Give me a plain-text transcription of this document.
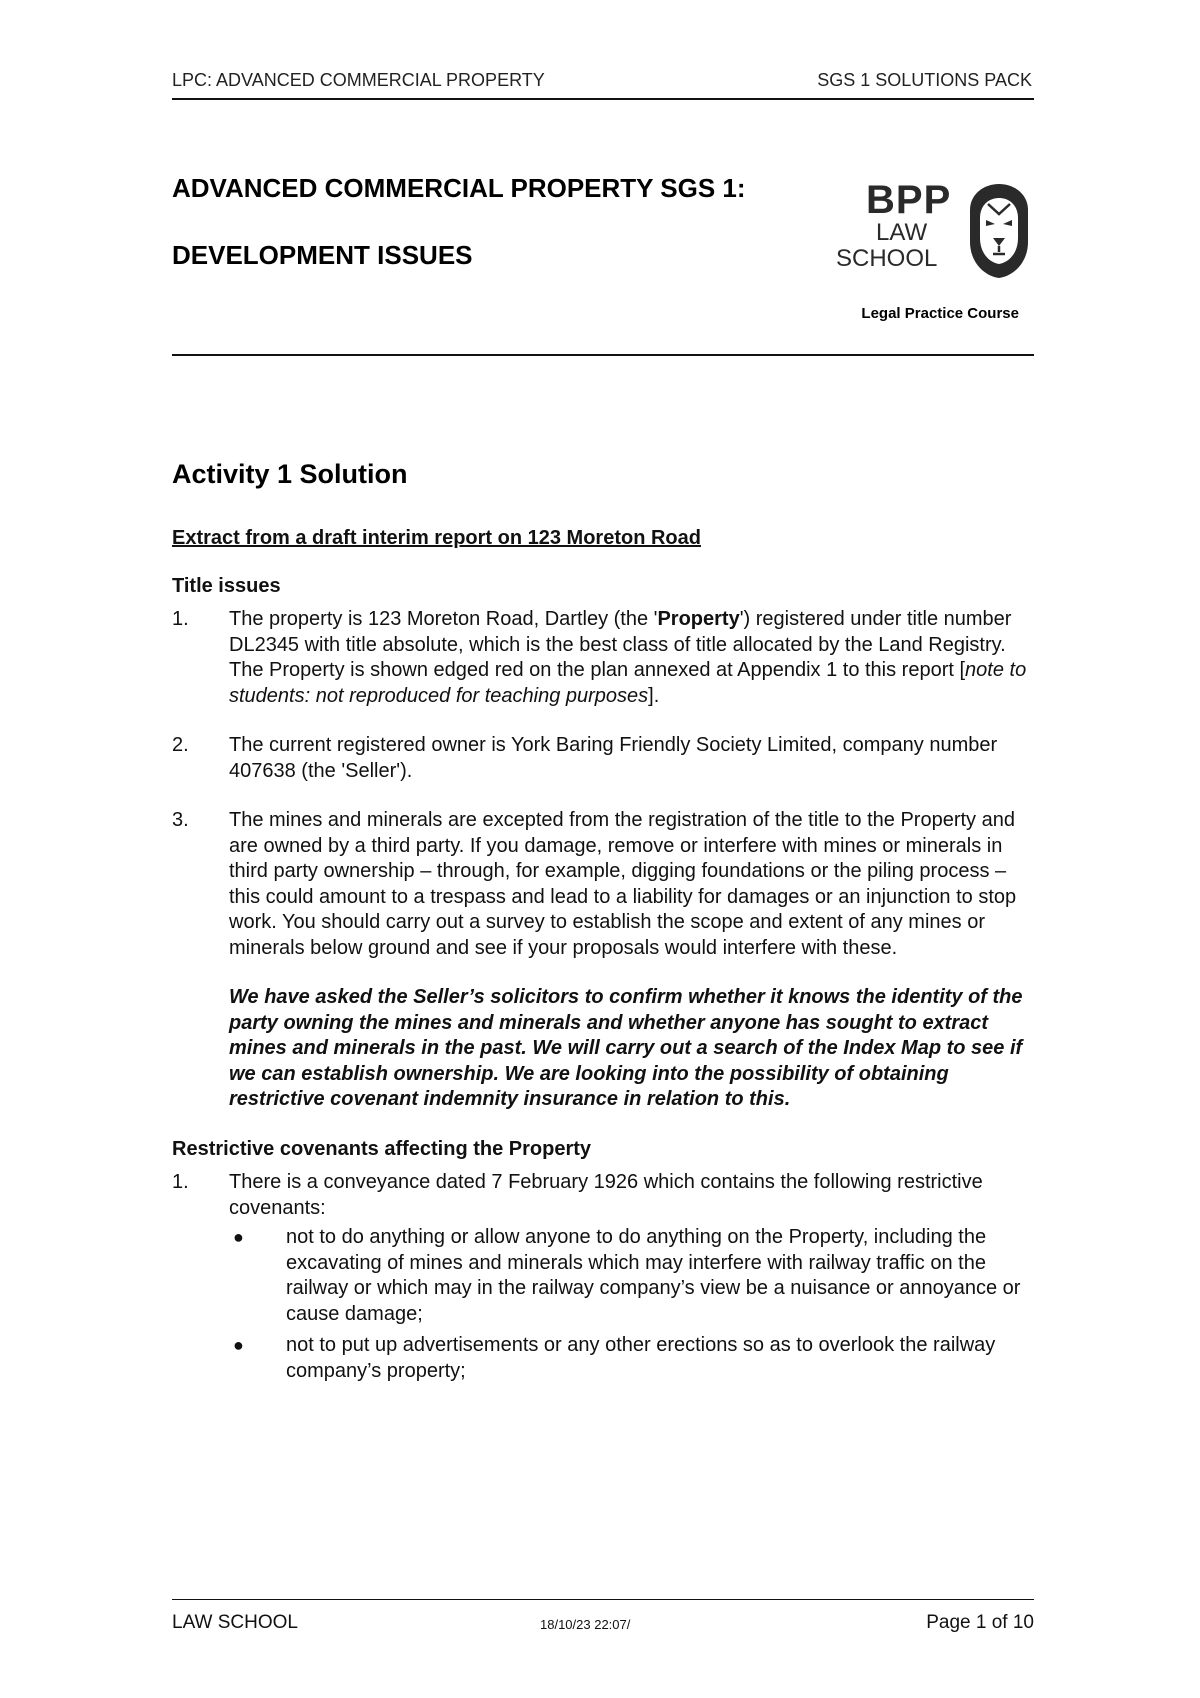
LPC: ADVANCED COMMERCIAL PROPERTY	SGS 1 SOLUTIONS PACK
ADVANCED COMMERCIAL PROPERTY SGS 1:
DEVELOPMENT ISSUES
BPP
LAW
SCHOOL
Legal Practice Course
Activity 1 Solution
Extract from a draft interim report on 123 Moreton Road
Title issues
1. The property is 123 Moreton Road, Dartley (the 'Property') registered under title number DL2345 with title absolute, which is the best class of title allocated by the Land Registry. The Property is shown edged red on the plan annexed at Appendix 1 to this report [note to students: not reproduced for teaching purposes].
2. The current registered owner is York Baring Friendly Society Limited, company number 407638 (the 'Seller').
3. The mines and minerals are excepted from the registration of the title to the Property and are owned by a third party. If you damage, remove or interfere with mines or minerals in third party ownership – through, for example, digging foundations or the piling process – this could amount to a trespass and lead to a liability for damages or an injunction to stop work. You should carry out a survey to establish the scope and extent of any mines or minerals below ground and see if your proposals would interfere with these.
We have asked the Seller’s solicitors to confirm whether it knows the identity of the party owning the mines and minerals and whether anyone has sought to extract mines and minerals in the past. We will carry out a search of the Index Map to see if we can establish ownership. We are looking into the possibility of obtaining restrictive covenant indemnity insurance in relation to this.
Restrictive covenants affecting the Property
1. There is a conveyance dated 7 February 1926 which contains the following restrictive covenants:
● not to do anything or allow anyone to do anything on the Property, including the excavating of mines and minerals which may interfere with railway traffic on the railway or which may in the railway company’s view be a nuisance or annoyance or cause damage;
● not to put up advertisements or any other erections so as to overlook the railway company’s property;
LAW SCHOOL	18/10/23 22:07/	Page 1 of 10
